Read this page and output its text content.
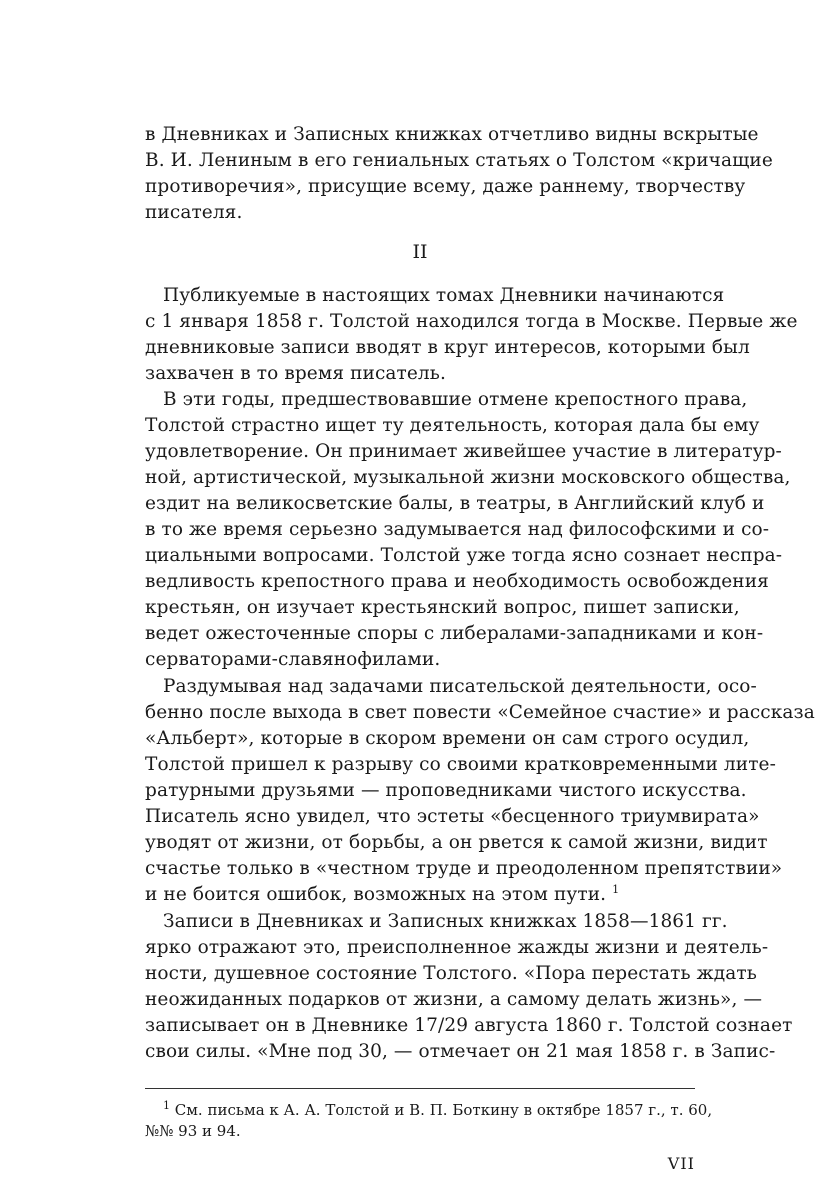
в Дневниках и Записных книжках отчетливо видны вскрытые
В. И. Лениным в его гениальных статьях о Толстом «кричащие
противоречия», присущие всему, даже раннему, творчеству
писателя.
II
Публикуемые в настоящих томах Дневники начинаются
с 1 января 1858 г. Толстой находился тогда в Москве. Первые же
дневниковые записи вводят в круг интересов, которыми был
захвачен в то время писатель.
В эти годы, предшествовавшие отмене крепостного права,
Толстой страстно ищет ту деятельность, которая дала бы ему
удовлетворение. Он принимает живейшее участие в литератур-
ной, артистической, музыкальной жизни московского общества,
ездит на великосветские балы, в театры, в Английский клуб и
в то же время серьезно задумывается над философскими и со-
циальными вопросами. Толстой уже тогда ясно сознает неспра-
ведливость крепостного права и необходимость освобождения
крестьян, он изучает крестьянский вопрос, пишет записки,
ведет ожесточенные споры с либералами-западниками и кон-
серваторами-славянофилами.
Раздумывая над задачами писательской деятельности, осо-
бенно после выхода в свет повести «Семейное счастие» и рассказа
«Альберт», которые в скором времени он сам строго осудил,
Толстой пришел к разрыву со своими кратковременными лите-
ратурными друзьями — проповедниками чистого искусства.
Писатель ясно увидел, что эстеты «бесценного триумвирата»
уводят от жизни, от борьбы, а он рвется к самой жизни, видит
счастье только в «честном труде и преодоленном препятствии»
и не боится ошибок, возможных на этом пути. $^1$
Записи в Дневниках и Записных книжках 1858—1861 гг.
ярко отражают это, преисполненное жажды жизни и деятель-
ности, душевное состояние Толстого. «Пора перестать ждать
неожиданных подарков от жизни, а самому делать жизнь», —
записывает он в Дневнике 17/29 августа 1860 г. Толстой сознает
свои силы. «Мне под 30, — отмечает он 21 мая 1858 г. в Запис-
$^1$ См. письма к А. А. Толстой и В. П. Боткину в октябре 1857 г., т. 60,
№№ 93 и 94.
VII
